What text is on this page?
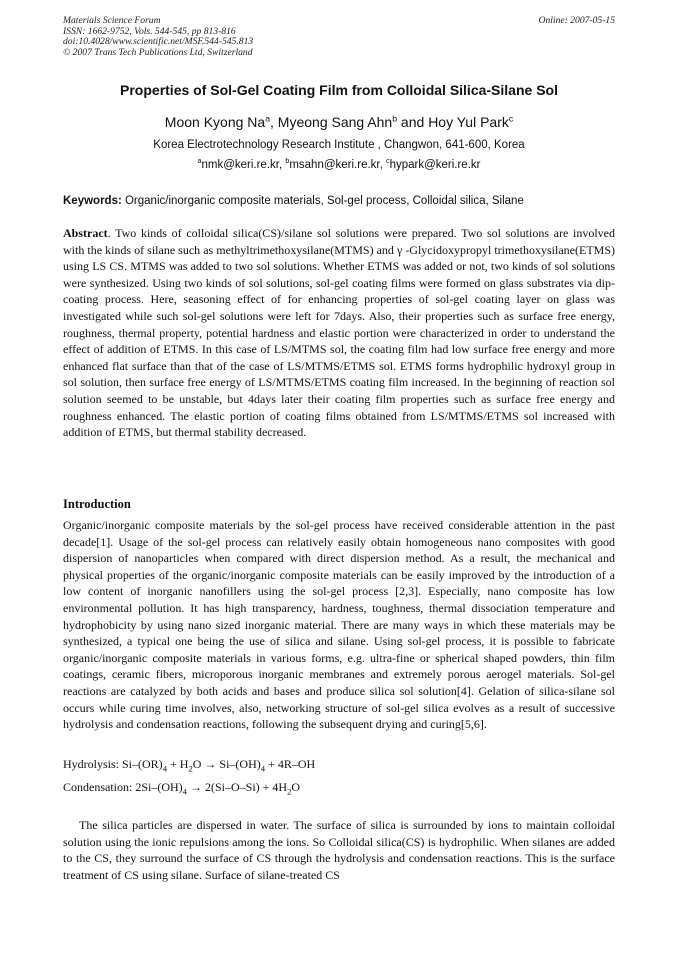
Materials Science Forum
ISSN: 1662-9752, Vols. 544-545, pp 813-816
doi:10.4028/www.scientific.net/MSF.544-545.813
© 2007 Trans Tech Publications Ltd, Switzerland
Online: 2007-05-15
Properties of Sol-Gel Coating Film from Colloidal Silica-Silane Sol
Moon Kyong Na$^a$, Myeong Sang Ahn$^b$ and Hoy Yul Park$^c$
Korea Electrotechnology Research Institute , Changwon, 641-600, Korea
$^a$nmk@keri.re.kr, $^b$msahn@keri.re.kr, $^c$hypark@keri.re.kr
Keywords: Organic/inorganic composite materials, Sol-gel process, Colloidal silica, Silane

Abstract. Two kinds of colloidal silica(CS)/silane sol solutions were prepared. Two sol solutions are involved with the kinds of silane such as methyltrimethoxysilane(MTMS) and γ -Glycidoxypropyl trimethoxysilane(ETMS) using LS CS. MTMS was added to two sol solutions. Whether ETMS was added or not, two kinds of sol solutions were synthesized. Using two kinds of sol solutions, sol-gel coating films were formed on glass substrates via dip-coating process. Here, seasoning effect of for enhancing properties of sol-gel coating layer on glass was investigated while such sol-gel solutions were left for 7days. Also, their properties such as surface free energy, roughness, thermal property, potential hardness and elastic portion were characterized in order to understand the effect of addition of ETMS. In this case of LS/MTMS sol, the coating film had low surface free energy and more enhanced flat surface than that of the case of LS/MTMS/ETMS sol. ETMS forms hydrophilic hydroxyl group in sol solution, then surface free energy of LS/MTMS/ETMS coating film increased. In the beginning of reaction sol solution seemed to be unstable, but 4days later their coating film properties such as surface free energy and roughness enhanced. The elastic portion of coating films obtained from LS/MTMS/ETMS sol increased with addition of ETMS, but thermal stability decreased.

Introduction

Organic/inorganic composite materials by the sol-gel process have received considerable attention in the past decade[1]. Usage of the sol-gel process can relatively easily obtain homogeneous nano composites with good dispersion of nanoparticles when compared with direct dispersion method. As a result, the mechanical and physical properties of the organic/inorganic composite materials can be easily improved by the introduction of a low content of inorganic nanofillers using the sol-gel process [2,3]. Especially, nano composite has low environmental pollution. It has high transparency, hardness, toughness, thermal dissociation temperature and hydrophobicity by using nano sized inorganic material. There are many ways in which these materials may be synthesized, a typical one being the use of silica and silane. Using sol-gel process, it is possible to fabricate organic/inorganic composite materials in various forms, e.g. ultra-fine or spherical shaped powders, thin film coatings, ceramic fibers, microporous inorganic membranes and extremely porous aerogel materials. Sol-gel reactions are catalyzed by both acids and bases and produce silica sol solution[4]. Gelation of silica-silane sol occurs while curing time involves, also, networking structure of sol-gel silica evolves as a result of successive hydrolysis and condensation reactions, following the subsequent drying and curing[5,6].

Hydrolysis: $Si-(OR)_4 + H_2O \to Si-(OH)_4 + 4R-OH$
Condensation: $2Si-(OH)_4 \to 2(Si-O-Si) + 4H_2O$

The silica particles are dispersed in water. The surface of silica is surrounded by ions to maintain colloidal solution using the ionic repulsions among the ions. So Colloidal silica(CS) is hydrophilic. When silanes are added to the CS, they surround the surface of CS through the hydrolysis and condensation reactions. This is the surface treatment of CS using silane. Surface of silane-treated CS
